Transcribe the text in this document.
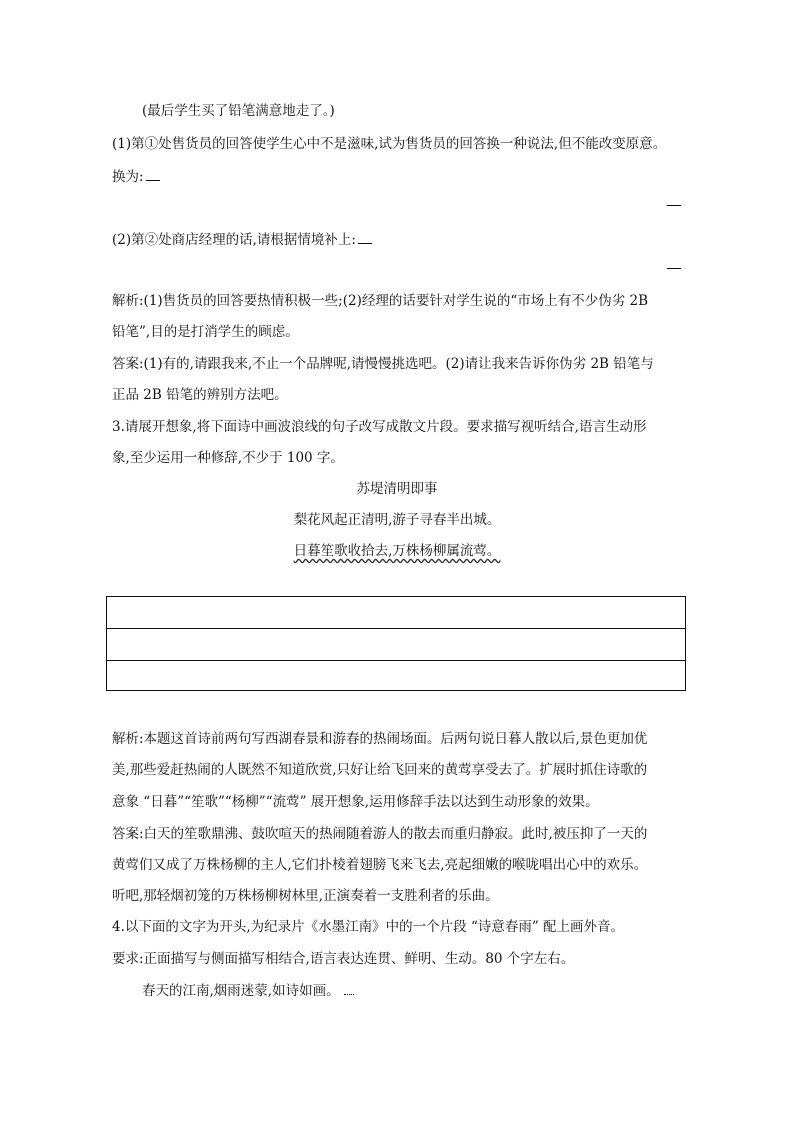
(最后学生买了铅笔满意地走了。)
(1)第①处售货员的回答使学生心中不是滋味,试为售货员的回答换一种说法,但不能改变原意。
换为:
(2)第②处商店经理的话,请根据情境补上:
解析:(1)售货员的回答要热情积极一些;(2)经理的话要针对学生说的“市场上有不少伪劣 2B
铅笔”,目的是打消学生的顾虑。
答案:(1)有的,请跟我来,不止一个品牌呢,请慢慢挑选吧。(2)请让我来告诉你伪劣 2B 铅笔与
正品 2B 铅笔的辨别方法吧。
3.请展开想象,将下面诗中画波浪线的句子改写成散文片段。要求描写视听结合,语言生动形
象,至少运用一种修辞,不少于 100 字。
苏堤清明即事
梨花风起正清明,游子寻春半出城。
日暮笙歌收拾去,万株杨柳属流莺。
解析:本题这首诗前两句写西湖春景和游春的热闹场面。后两句说日暮人散以后,景色更加优
美,那些爱赶热闹的人既然不知道欣赏,只好让给飞回来的黄莺享受去了。扩展时抓住诗歌的
意象 “日暮”“笙歌”“杨柳”“流莺” 展开想象,运用修辞手法以达到生动形象的效果。
答案:白天的笙歌鼎沸、鼓吹喧天的热闹随着游人的散去而重归静寂。此时,被压抑了一天的
黄莺们又成了万株杨柳的主人,它们扑棱着翅膀飞来飞去,亮起细嫩的喉咙唱出心中的欢乐。
听吧,那轻烟初笼的万株杨柳树林里,正演奏着一支胜利者的乐曲。
4.以下面的文字为开头,为纪录片《水墨江南》中的一个片段 “诗意春雨” 配上画外音。
要求:正面描写与侧面描写相结合,语言表达连贯、鲜明、生动。80 个字左右。
春天的江南,烟雨迷蒙,如诗如画。
